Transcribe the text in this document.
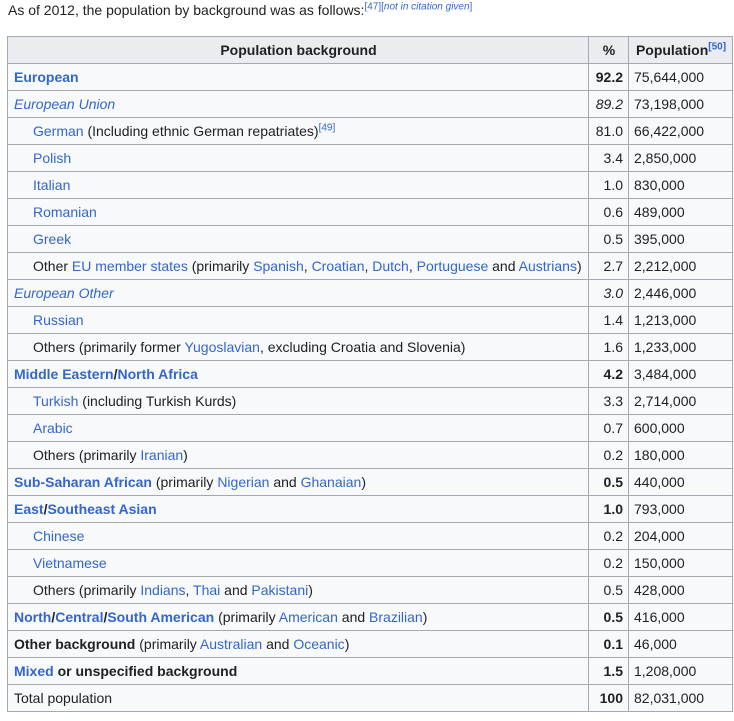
As of 2012, the population by background was as follows:[47][not in citation given]
Population background	%	Population[50]
European	92.2	75,644,000
European Union	89.2	73,198,000
German (Including ethnic German repatriates)[49]	81.0	66,422,000
Polish	3.4	2,850,000
Italian	1.0	830,000
Romanian	0.6	489,000
Greek	0.5	395,000
Other EU member states (primarily Spanish, Croatian, Dutch, Portuguese and Austrians)	2.7	2,212,000
European Other	3.0	2,446,000
Russian	1.4	1,213,000
Others (primarily former Yugoslavian, excluding Croatia and Slovenia)	1.6	1,233,000
Middle Eastern/North Africa	4.2	3,484,000
Turkish (including Turkish Kurds)	3.3	2,714,000
Arabic	0.7	600,000
Others (primarily Iranian)	0.2	180,000
Sub-Saharan African (primarily Nigerian and Ghanaian)	0.5	440,000
East/Southeast Asian	1.0	793,000
Chinese	0.2	204,000
Vietnamese	0.2	150,000
Others (primarily Indians, Thai and Pakistani)	0.5	428,000
North/Central/South American (primarily American and Brazilian)	0.5	416,000
Other background (primarily Australian and Oceanic)	0.1	46,000
Mixed or unspecified background	1.5	1,208,000
Total population	100	82,031,000
